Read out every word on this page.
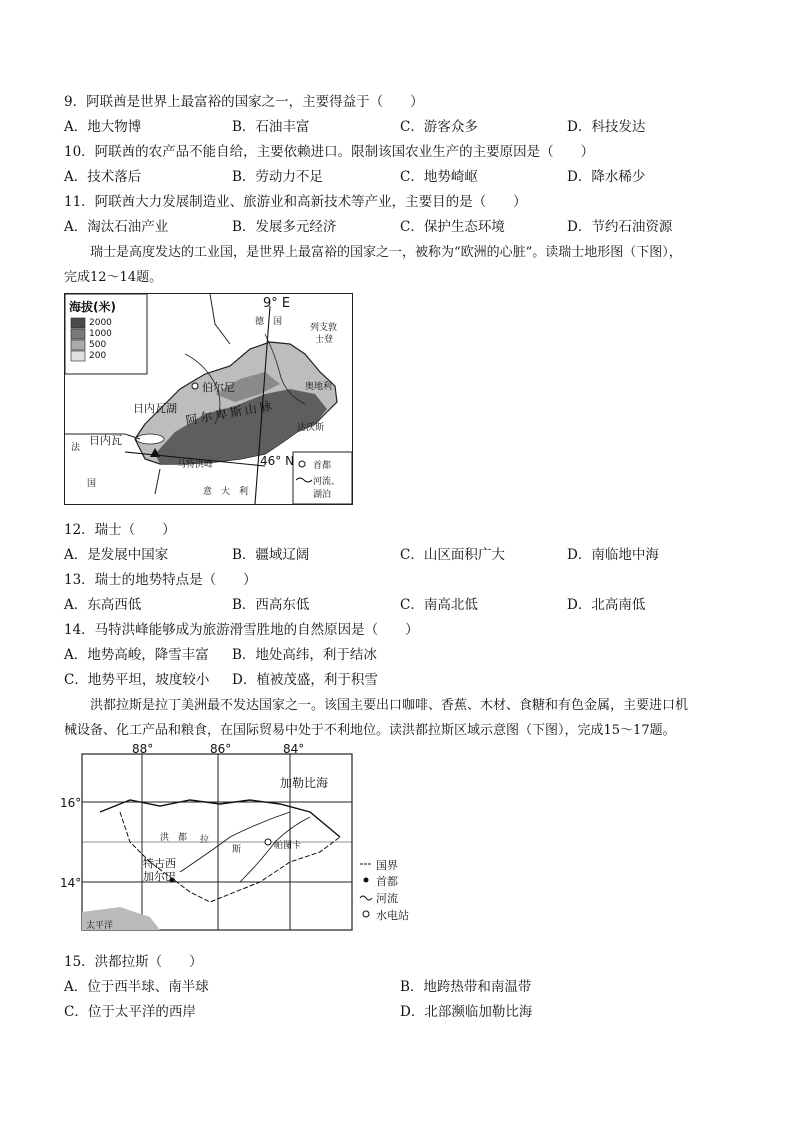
9．阿联酋是世界上最富裕的国家之一，主要得益于（　　）
A．地大物博	B．石油丰富	C．游客众多	D．科技发达
10．阿联酋的农产品不能自给，主要依赖进口。限制该国农业生产的主要原因是（　　）
A．技术落后	B．劳动力不足	C．地势崎岖	D．降水稀少
11．阿联酋大力发展制造业、旅游业和高新技术等产业，主要目的是（　　）
A．淘汰石油产业	B．发展多元经济	C．保护生态环境	D．节约石油资源
瑞士是高度发达的工业国，是世界上最富裕的国家之一，被称为“欧洲的心脏”。读瑞士地形图（下图），
完成12～14题。
海拔(米)
2000
1000
500
200
9° E
德　国
列支敦
士登
奥地利
伯尔尼
日内瓦湖 阿尔卑斯山脉
达沃斯
日内瓦
法
国
马特洪峰	46° N
意　大　利
首都
河流、
湖泊
12．瑞士（　　）
A．是发展中国家	B．疆域辽阔	C．山区面积广大	D．南临地中海
13．瑞士的地势特点是（　　）
A．东高西低	B．西高东低	C．南高北低	D．北高南低
14．马特洪峰能够成为旅游滑雪胜地的自然原因是（　　）
A．地势高峻，降雪丰富 B．地处高纬，利于结冰
C．地势平坦，坡度较小 D．植被茂盛，利于积雪
洪都拉斯是拉丁美洲最不发达国家之一。该国主要出口咖啡、香蕉、木材、食糖和有色金属，主要进口机
械设备、化工产品和粮食，在国际贸易中处于不利地位。读洪都拉斯区域示意图（下图），完成15～17题。
88°	86°	84°
16°
14°
加勒比海
洪 都 拉
斯
特古西
加尔巴
帕图卡
太平洋
国界
首都
河流
水电站
15．洪都拉斯（　　）
A．位于西半球、南半球	B．地跨热带和南温带
C．位于太平洋的西岸	D．北部濒临加勒比海
